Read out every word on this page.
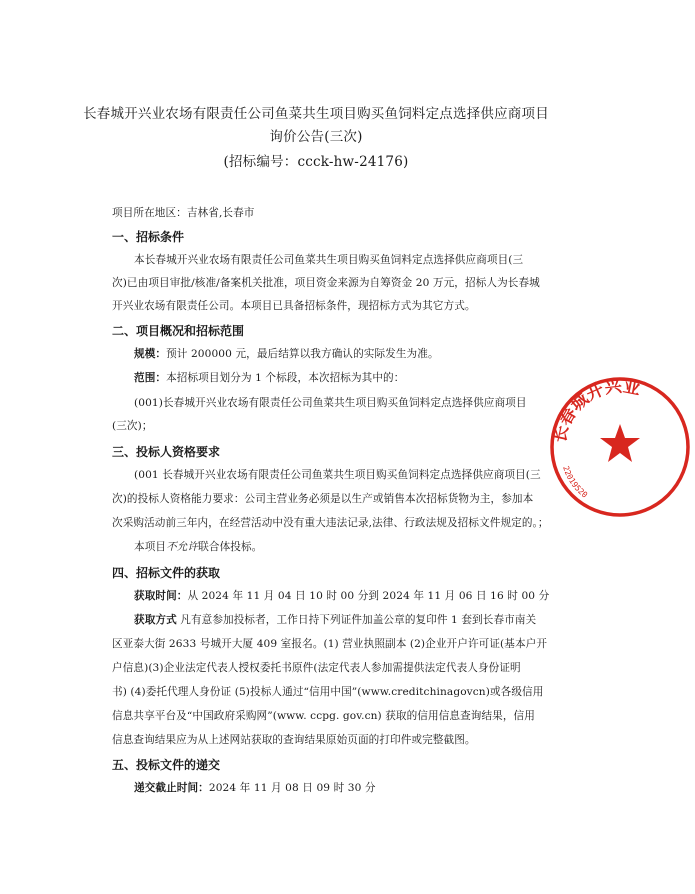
长春城开兴业农场有限责任公司鱼菜共生项目购买鱼饲料定点选择供应商项目
询价公告(三次)
(招标编号：ccck-hw-24176)
项目所在地区：吉林省,长春市
一、招标条件
本长春城开兴业农场有限责任公司鱼菜共生项目购买鱼饲料定点选择供应商项目(三
次)已由项目审批/核准/备案机关批准，项目资金来源为自筹资金 20 万元，招标人为长春城
开兴业农场有限责任公司。本项目已具备招标条件，现招标方式为其它方式。
二、项目概况和招标范围
规模：预计 200000 元，最后结算以我方确认的实际发生为准。
范围：本招标项目划分为 1 个标段，本次招标为其中的：
(001)长春城开兴业农场有限责任公司鱼菜共生项目购买鱼饲料定点选择供应商项目
(三次)；
三、投标人资格要求
(001 长春城开兴业农场有限责任公司鱼菜共生项目购买鱼饲料定点选择供应商项目(三
次)的投标人资格能力要求：公司主营业务必须是以生产或销售本次招标货物为主，参加本
次采购活动前三年内，在经营活动中没有重大违法记录,法律、行政法规及招标文件规定的。；
本项目不允许联合体投标。
四、招标文件的获取
获取时间：从 2024 年 11 月 04 日 10 时 00 分到 2024 年 11 月 06 日 16 时 00 分
获取方式 凡有意参加投标者，工作日持下列证件加盖公章的复印件 1 套到长春市南关
区亚泰大街 2633 号城开大厦 409 室报名。(1) 营业执照副本 (2)企业开户许可证(基本户开
户信息)(3)企业法定代表人授权委托书原件(法定代表人参加需提供法定代表人身份证明
书) (4)委托代理人身份证 (5)投标人通过“信用中国”(www.creditchinagovcn)或各级信用
信息共享平台及“中国政府采购网”(www. ccpg. gov.cn) 获取的信用信息查询结果，信用
信息查询结果应为从上述网站获取的查询结果原始页面的打印件或完整截图。
五、投标文件的递交
递交截止时间：2024 年 11 月 08 日 09 时 30 分
长春城开兴业
22019520
